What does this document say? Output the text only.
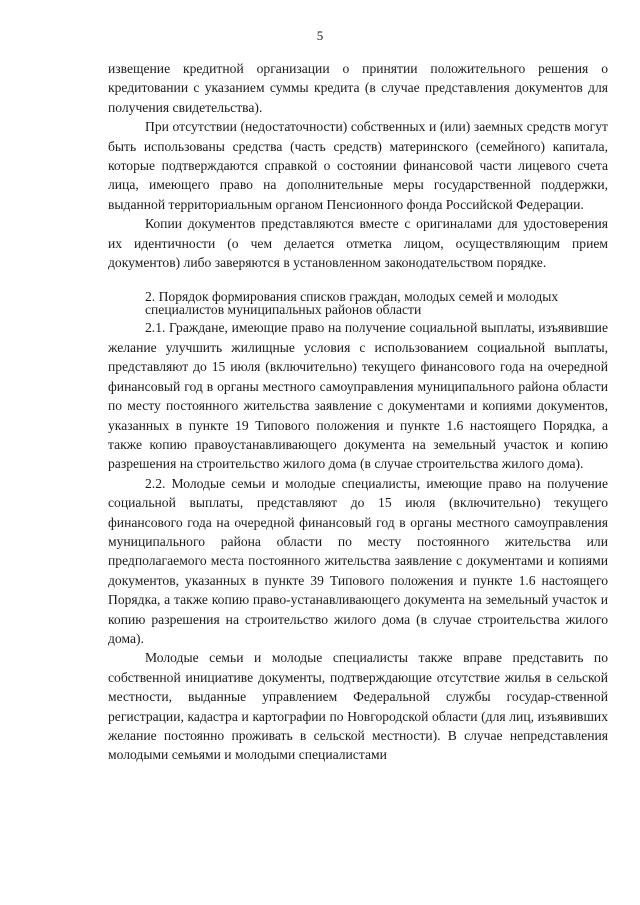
5

извещение кредитной организации о принятии положительного решения о кредитовании с указанием суммы кредита (в случае представления документов для получения свидетельства).

При отсутствии (недостаточности) собственных и (или) заемных средств могут быть использованы средства (часть средств) материнского (семейного) капитала, которые подтверждаются справкой о состоянии финансовой части лицевого счета лица, имеющего право на дополнительные меры государственной поддержки, выданной территориальным органом Пенсионного фонда Российской Федерации.

Копии документов представляются вместе с оригиналами для удостоверения их идентичности (о чем делается отметка лицом, осуществляющим прием документов) либо заверяются в установленном законодательством порядке.

2. Порядок формирования списков граждан, молодых семей и молодых
специалистов муниципальных районов области

2.1. Граждане, имеющие право на получение социальной выплаты, изъявившие желание улучшить жилищные условия с использованием социальной выплаты, представляют до 15 июля (включительно) текущего финансового года на очередной финансовый год в органы местного самоуправления муниципального района области по месту постоянного жительства заявление с документами и копиями документов, указанных в пункте 19 Типового положения и пункте 1.6 настоящего Порядка, а также копию правоустанавливающего документа на земельный участок и копию разрешения на строительство жилого дома (в случае строительства жилого дома).

2.2. Молодые семьи и молодые специалисты, имеющие право на получение социальной выплаты, представляют до 15 июля (включительно) текущего финансового года на очередной финансовый год в органы местного самоуправления муниципального района области по месту постоянного жительства или предполагаемого места постоянного жительства заявление с документами и копиями документов, указанных в пункте 39 Типового положения и пункте 1.6 настоящего Порядка, а также копию право-устанавливающего документа на земельный участок и копию разрешения на строительство жилого дома (в случае строительства жилого дома).

Молодые семьи и молодые специалисты также вправе представить по собственной инициативе документы, подтверждающие отсутствие жилья в сельской местности, выданные управлением Федеральной службы государ-ственной регистрации, кадастра и картографии по Новгородской области (для лиц, изъявивших желание постоянно проживать в сельской местности). В случае непредставления молодыми семьями и молодыми специалистами
